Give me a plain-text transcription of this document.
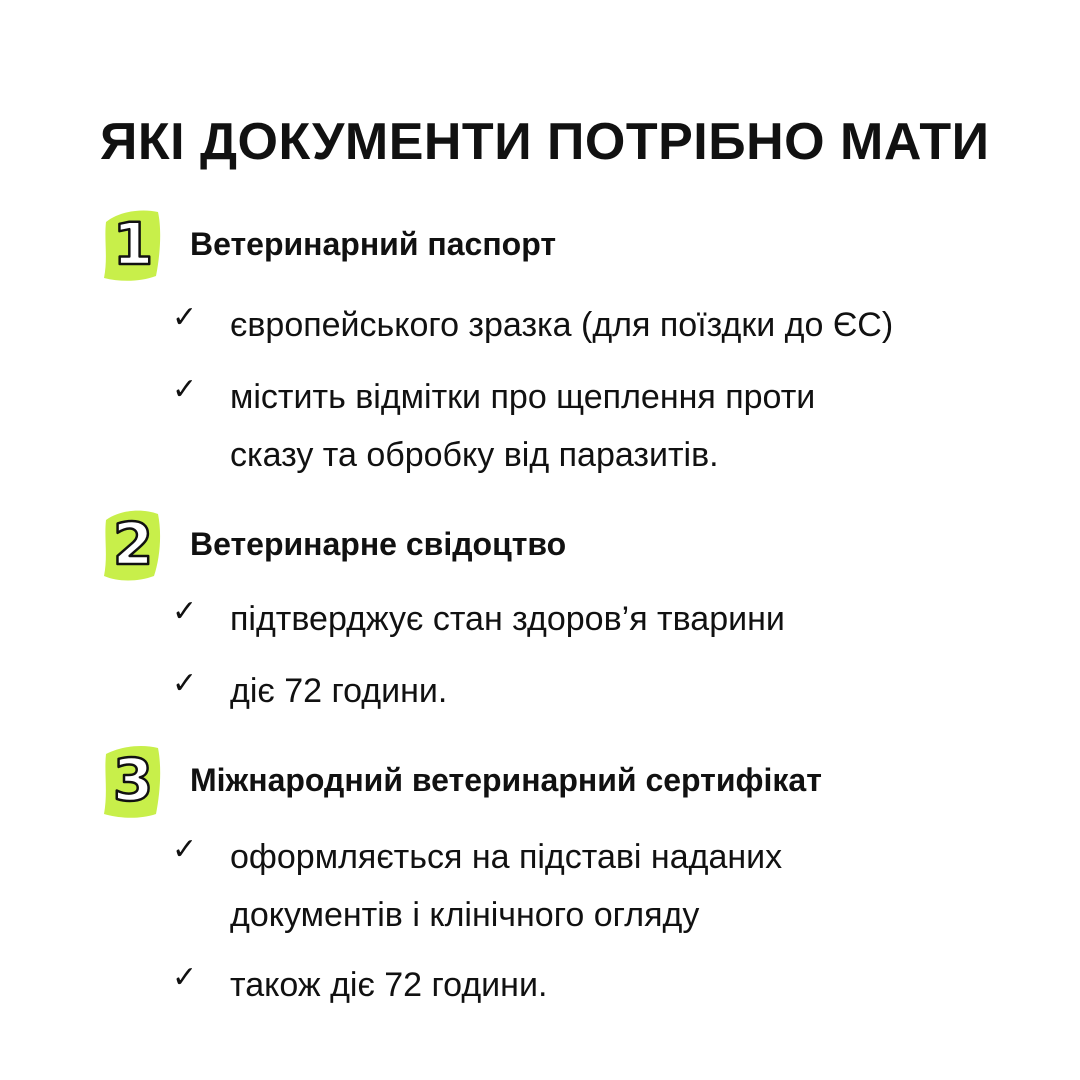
ЯКІ ДОКУМЕНТИ ПОТРІБНО МАТИ
1 Ветеринарний паспорт
✓ європейського зразка (для поїздки до ЄС)

✓ містить відмітки про щеплення проти
сказу та обробку від паразитів.

2 Ветеринарне свідоцтво
✓ підтверджує стан здоров’я тварини

✓ діє 72 години.

3 Міжнародний ветеринарний сертифікат
✓ оформляється на підставі наданих
документів і клінічного огляду

✓ також діє 72 години.
